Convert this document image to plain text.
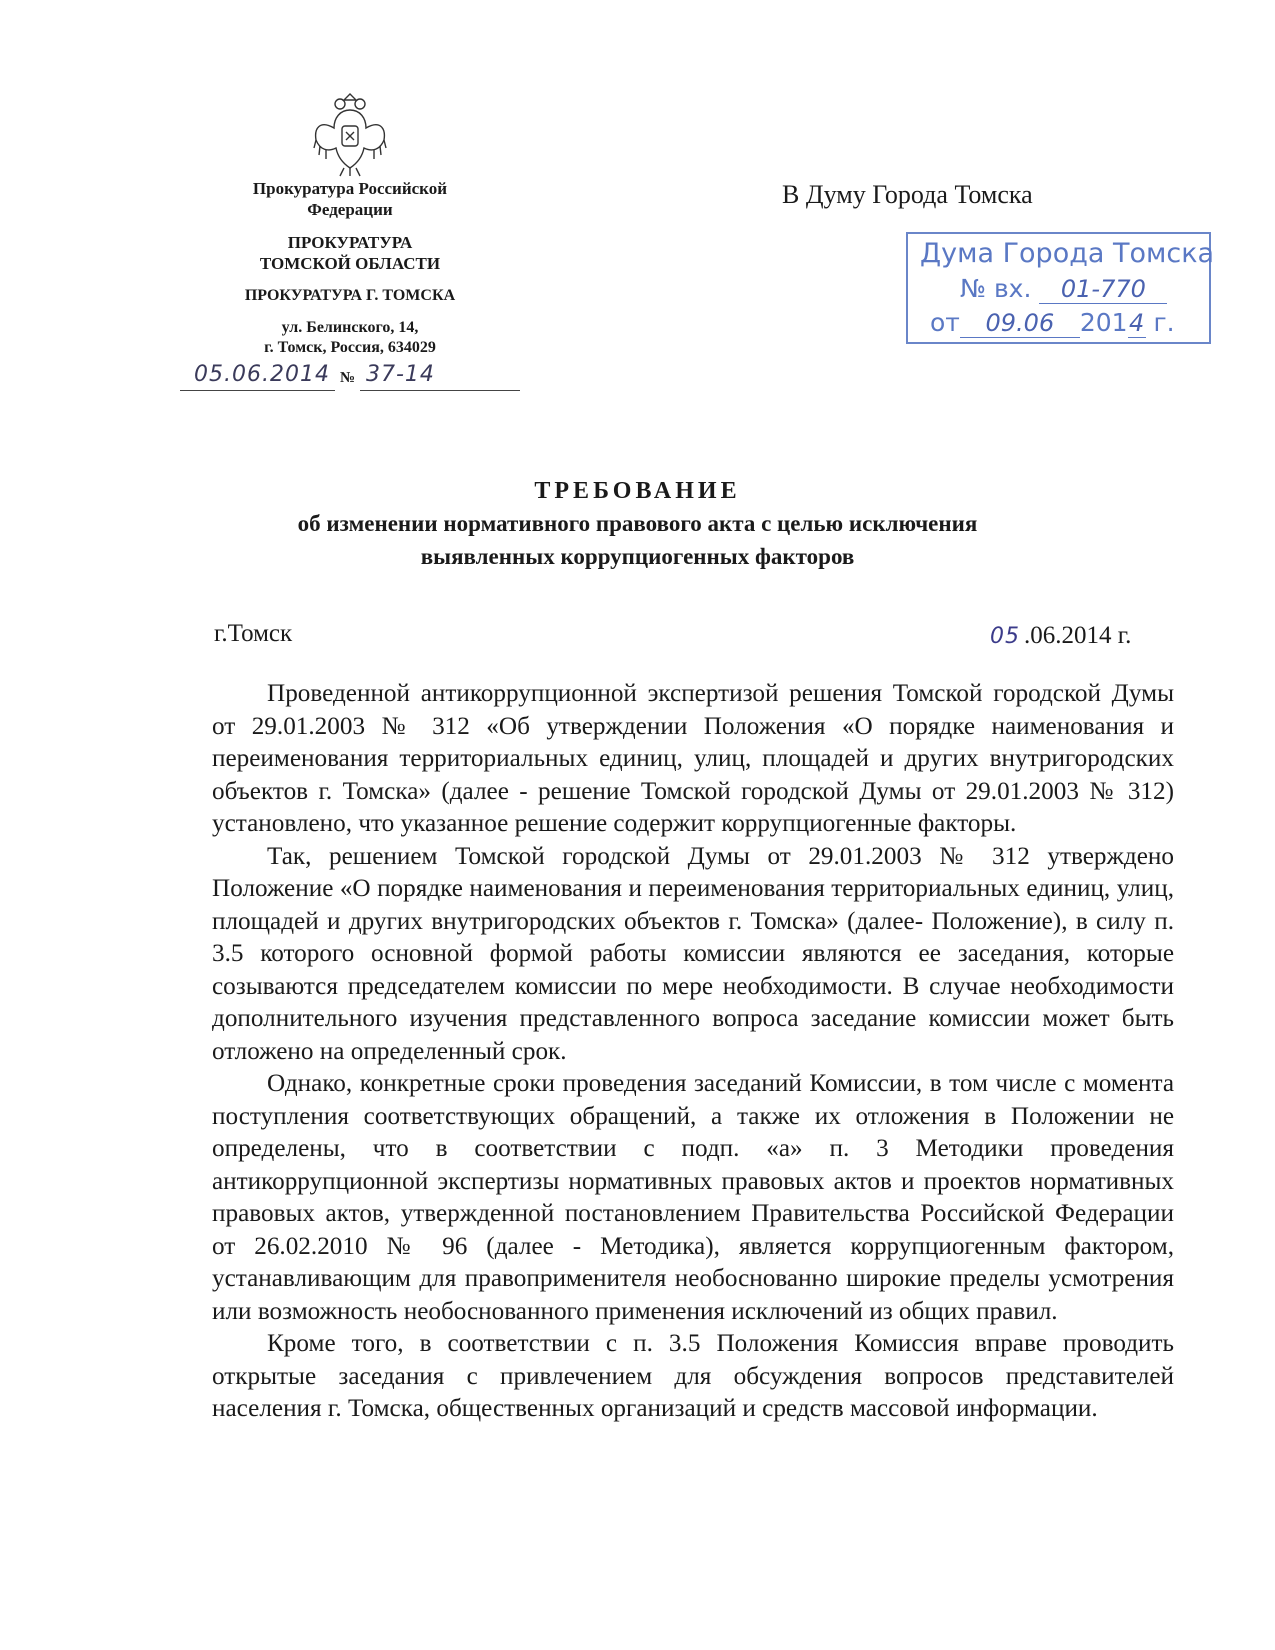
Прокуратура Российской
Федерации
ПРОКУРАТУРА
ТОМСКОЙ ОБЛАСТИ
ПРОКУРАТУРА Г. ТОМСКА
ул. Белинского, 14,
г. Томск, Россия, 634029
05.06.2014 № 37-14
В Думу Города Томска
Дума Города Томска
№ вх. 01-770
от 09.06 2014 г.
ТРЕБОВАНИЕ
об изменении нормативного правового акта с целью исключения
выявленных коррупциогенных факторов
г.Томск	05 .06.2014 г.

Проведенной антикоррупционной экспертизой решения Томской городской Думы от 29.01.2003 № 312 «Об утверждении Положения «О порядке наименования и переименования территориальных единиц, улиц, площадей и других внутригородских объектов г. Томска» (далее - решение Томской городской Думы от 29.01.2003 № 312) установлено, что указанное решение содержит коррупциогенные факторы.

Так, решением Томской городской Думы от 29.01.2003 № 312 утверждено Положение «О порядке наименования и переименования территориальных единиц, улиц, площадей и других внутригородских объектов г. Томска» (далее- Положение), в силу п. 3.5 которого основной формой работы комиссии являются ее заседания, которые созываются председателем комиссии по мере необходимости. В случае необходимости дополнительного изучения представленного вопроса заседание комиссии может быть отложено на определенный срок.

Однако, конкретные сроки проведения заседаний Комиссии, в том числе с момента поступления соответствующих обращений, а также их отложения в Положении не определены, что в соответствии с подп. «а» п. 3 Методики проведения антикоррупционной экспертизы нормативных правовых актов и проектов нормативных правовых актов, утвержденной постановлением Правительства Российской Федерации от 26.02.2010 № 96 (далее - Методика), является коррупциогенным фактором, устанавливающим для правоприменителя необоснованно широкие пределы усмотрения или возможность необоснованного применения исключений из общих правил.

Кроме того, в соответствии с п. 3.5 Положения Комиссия вправе проводить открытые заседания с привлечением для обсуждения вопросов представителей населения г. Томска, общественных организаций и средств массовой информации.
